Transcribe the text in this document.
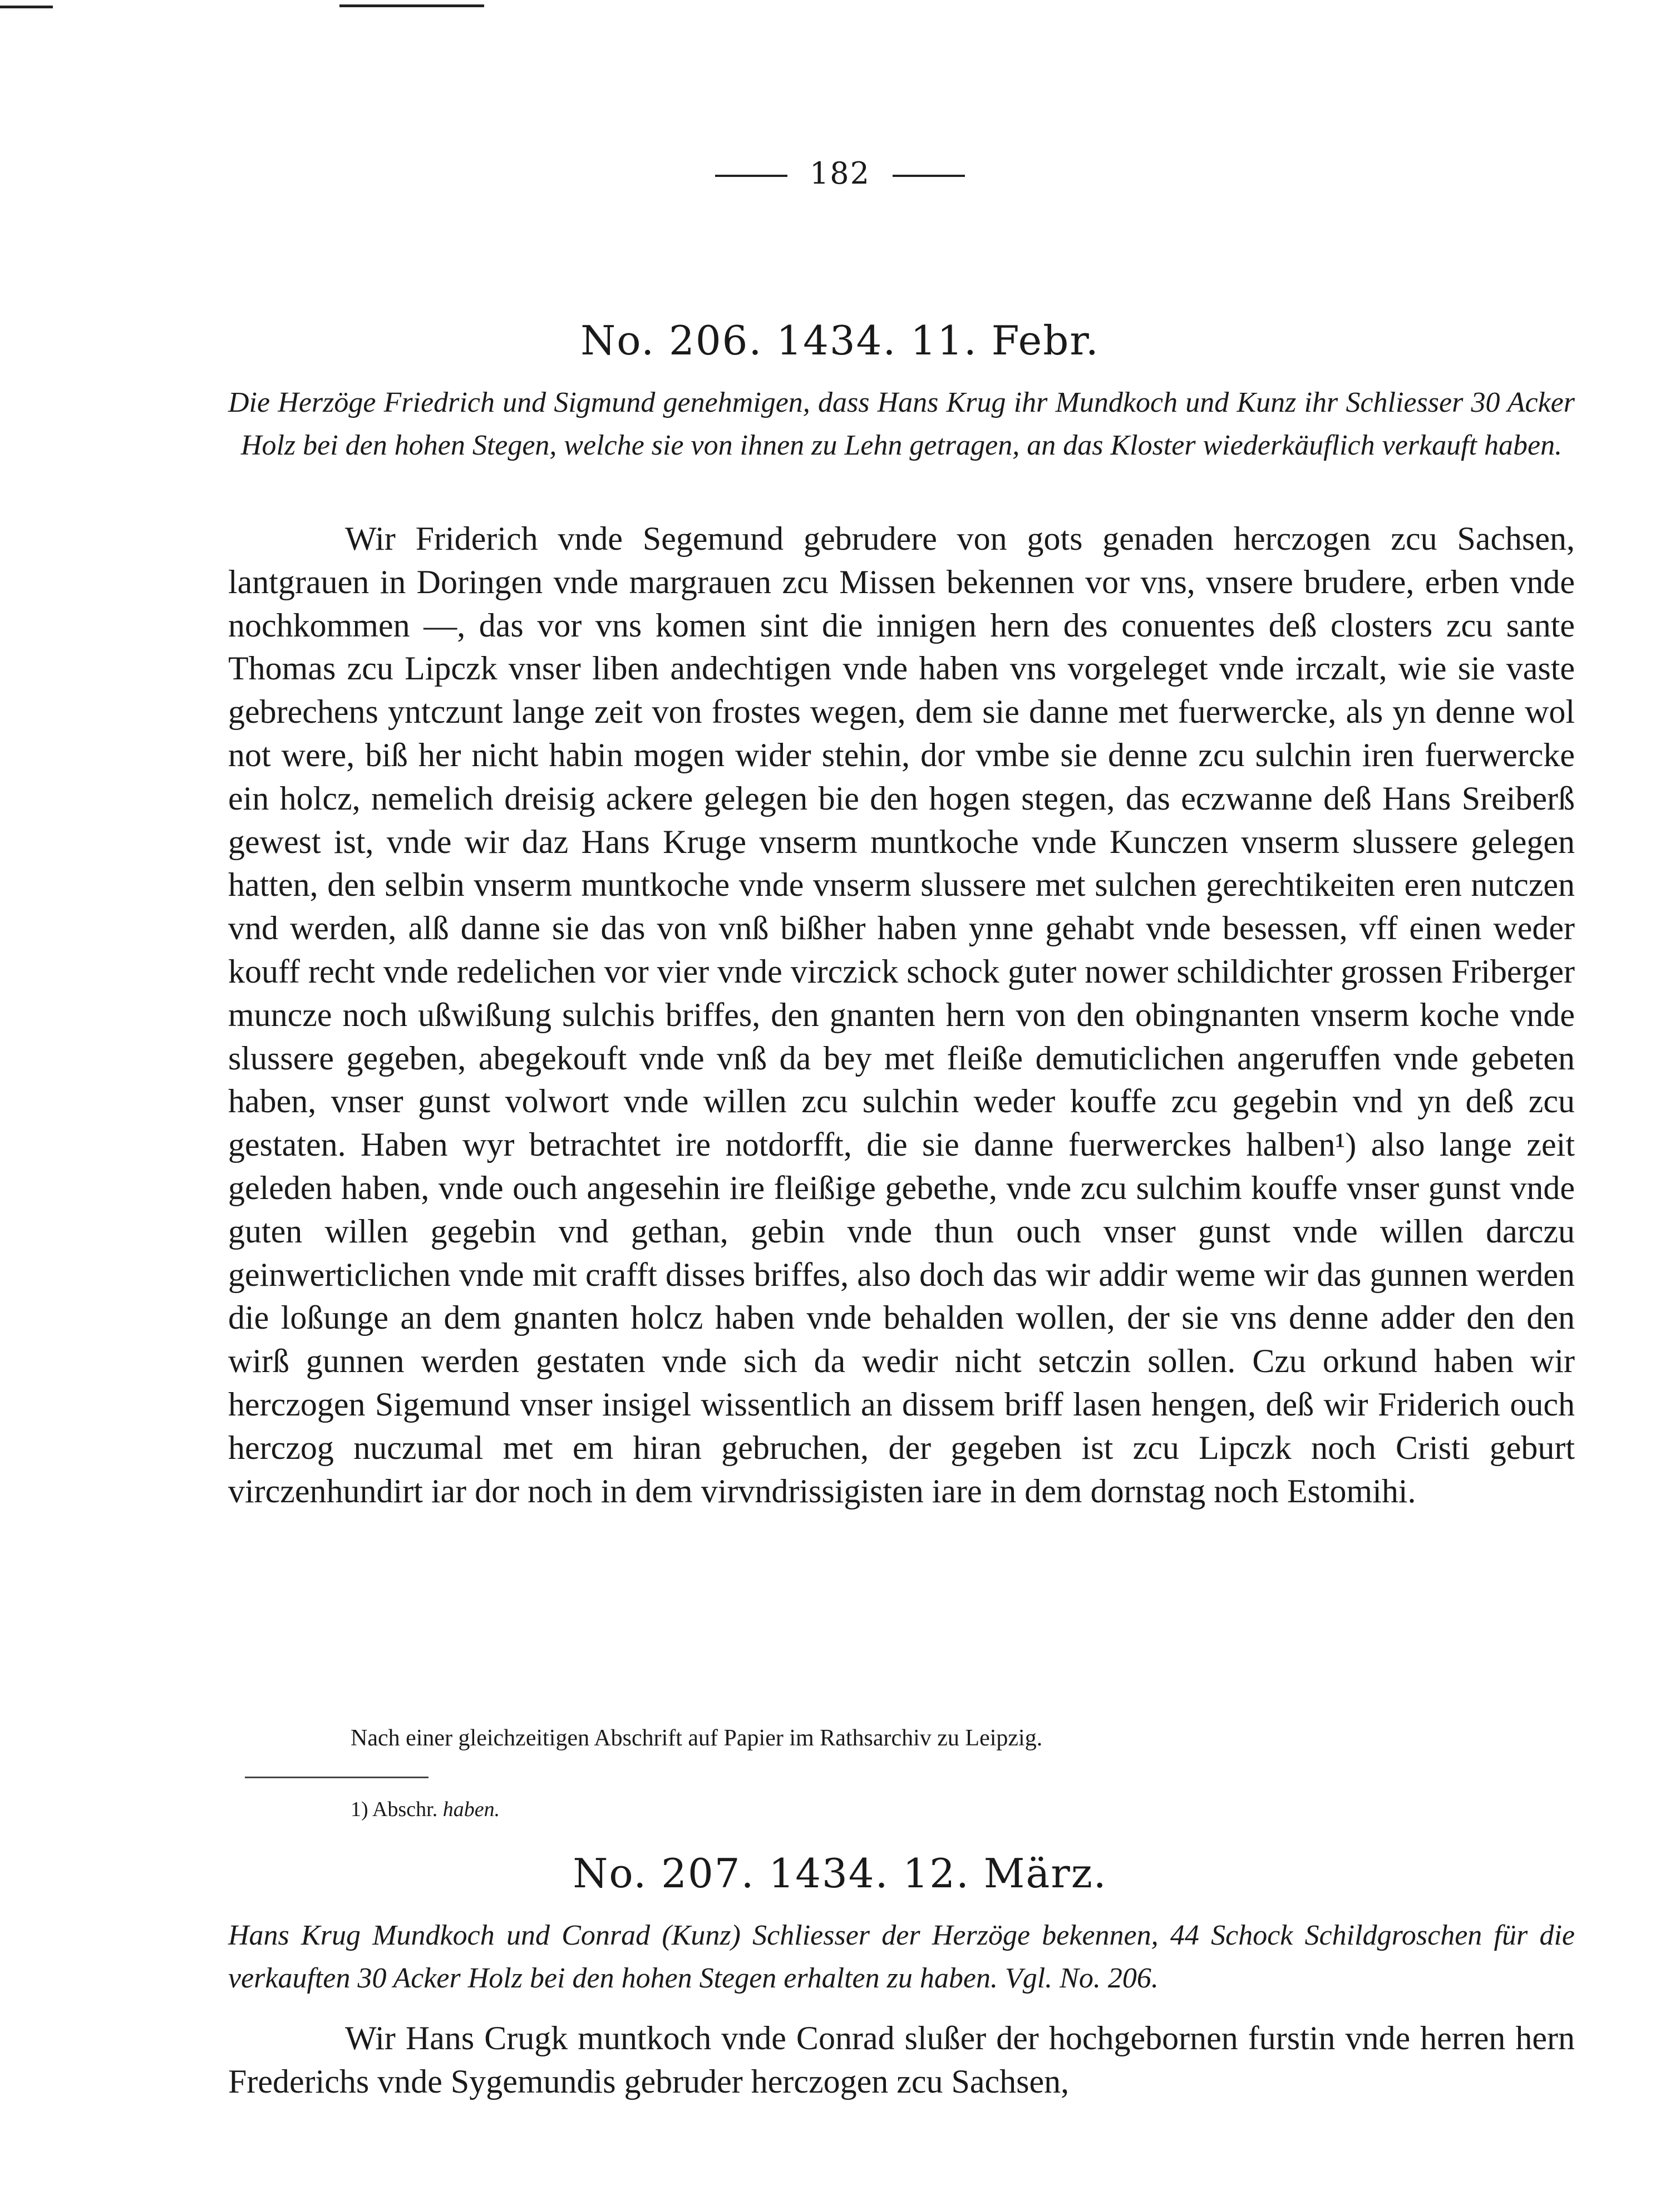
182
No. 206. 1434. 11. Febr.
Die Herzöge Friedrich und Sigmund genehmigen, dass Hans Krug ihr Mundkoch und Kunz ihr Schliesser 30 Acker Holz bei den hohen Stegen, welche sie von ihnen zu Lehn getragen, an das Kloster wiederkäuflich verkauft haben.
Wir Friderich vnde Segemund gebrudere von gots genaden herczogen zcu Sachsen, lantgrauen in Doringen vnde margrauen zcu Missen bekennen vor vns, vnsere brudere, erben vnde nochkommen —, das vor vns komen sint die innigen hern des conuentes deß closters zcu sante Thomas zcu Lipczk vnser liben andechtigen vnde haben vns vorgeleget vnde irczalt, wie sie vaste gebrechens yntczunt lange zeit von frostes wegen, dem sie danne met fuerwercke, als yn denne wol not were, biß her nicht habin mogen wider stehin, dor vmbe sie denne zcu sulchin iren fuerwercke ein holcz, nemelich dreisig ackere gelegen bie den hogen stegen, das eczwanne deß Hans Sreiberß gewest ist, vnde wir daz Hans Kruge vnserm muntkoche vnde Kunczen vnserm slussere gelegen hatten, den selbin vnserm muntkoche vnde vnserm slussere met sulchen gerechtikeiten eren nutczen vnd werden, alß danne sie das von vnß bißher haben ynne gehabt vnde besessen, vff einen weder kouff recht vnde redelichen vor vier vnde virczick schock guter nower schildichter grossen Friberger muncze noch ußwißung sulchis briffes, den gnanten hern von den obingnanten vnserm koche vnde slussere gegeben, abegekouft vnde vnß da bey met fleiße demuticlichen angeruffen vnde gebeten haben, vnser gunst volwort vnde willen zcu sulchin weder kouffe zcu gegebin vnd yn deß zcu gestaten. Haben wyr betrachtet ire notdorfft, die sie danne fuerwerckes halben¹) also lange zeit geleden haben, vnde ouch angesehin ire fleißige gebethe, vnde zcu sulchim kouffe vnser gunst vnde guten willen gegebin vnd gethan, gebin vnde thun ouch vnser gunst vnde willen darczu geinwerticlichen vnde mit crafft disses briffes, also doch das wir addir weme wir das gunnen werden die loßunge an dem gnanten holcz haben vnde behalden wollen, der sie vns denne adder den den wirß gunnen werden gestaten vnde sich da wedir nicht setczin sollen. Czu orkund haben wir herczogen Sigemund vnser insigel wissentlich an dissem briff lasen hengen, deß wir Friderich ouch herczog nuczumal met em hiran gebruchen, der gegeben ist zcu Lipczk noch Cristi geburt virczenhundirt iar dor noch in dem virvndrissigisten iare in dem dornstag noch Estomihi.
Nach einer gleichzeitigen Abschrift auf Papier im Rathsarchiv zu Leipzig.
1) Abschr. haben.
No. 207. 1434. 12. März.
Hans Krug Mundkoch und Conrad (Kunz) Schliesser der Herzöge bekennen, 44 Schock Schildgroschen für die verkauften 30 Acker Holz bei den hohen Stegen erhalten zu haben. Vgl. No. 206.
Wir Hans Crugk muntkoch vnde Conrad slußer der hochgebornen furstin vnde herren hern Frederichs vnde Sygemundis gebruder herczogen zcu Sachsen,
